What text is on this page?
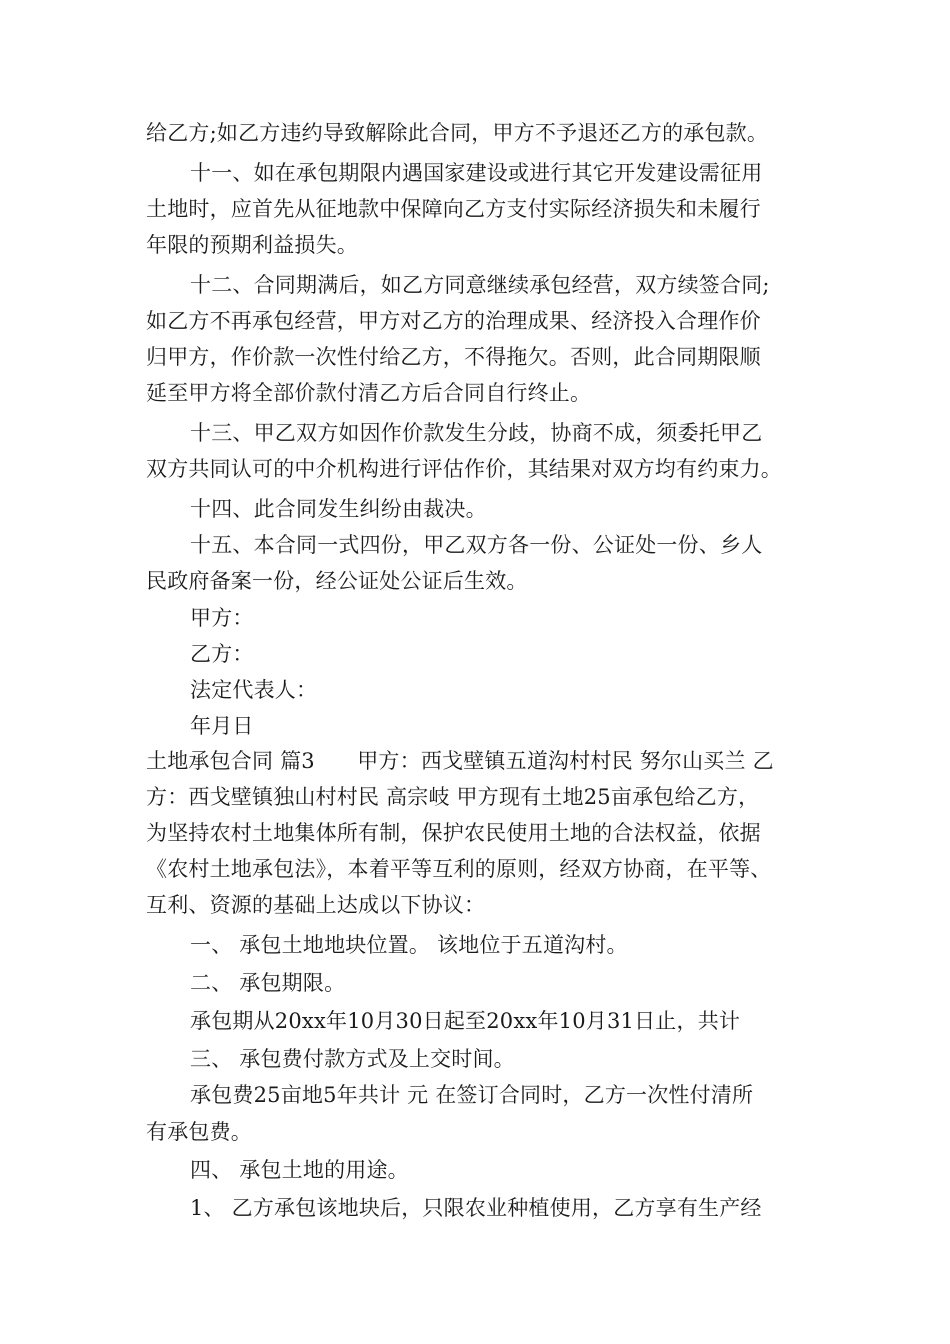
给乙方;如乙方违约导致解除此合同，甲方不予退还乙方的承包款。
十一、如在承包期限内遇国家建设或进行其它开发建设需征用
土地时，应首先从征地款中保障向乙方支付实际经济损失和未履行
年限的预期利益损失。
十二、合同期满后，如乙方同意继续承包经营，双方续签合同;
如乙方不再承包经营，甲方对乙方的治理成果、经济投入合理作价
归甲方，作价款一次性付给乙方，不得拖欠。否则，此合同期限顺
延至甲方将全部价款付清乙方后合同自行终止。
十三、甲乙双方如因作价款发生分歧，协商不成，须委托甲乙
双方共同认可的中介机构进行评估作价，其结果对双方均有约束力。
十四、此合同发生纠纷由裁决。
十五、本合同一式四份，甲乙双方各一份、公证处一份、乡人
民政府备案一份，经公证处公证后生效。
甲方：
乙方：
法定代表人：
年月日
土地承包合同 篇3　　甲方：西戈壁镇五道沟村村民 努尔山买兰 乙
方：西戈壁镇独山村村民 高宗岐 甲方现有土地25亩承包给乙方，
为坚持农村土地集体所有制，保护农民使用土地的合法权益，依据
《农村土地承包法》，本着平等互利的原则，经双方协商，在平等、
互利、资源的基础上达成以下协议：
一、 承包土地地块位置。 该地位于五道沟村。
二、 承包期限。
承包期从20xx年10月30日起至20xx年10月31日止，共计
三、 承包费付款方式及上交时间。
承包费25亩地5年共计 元 在签订合同时，乙方一次性付清所
有承包费。
四、 承包土地的用途。
1、 乙方承包该地块后，只限农业种植使用，乙方享有生产经
